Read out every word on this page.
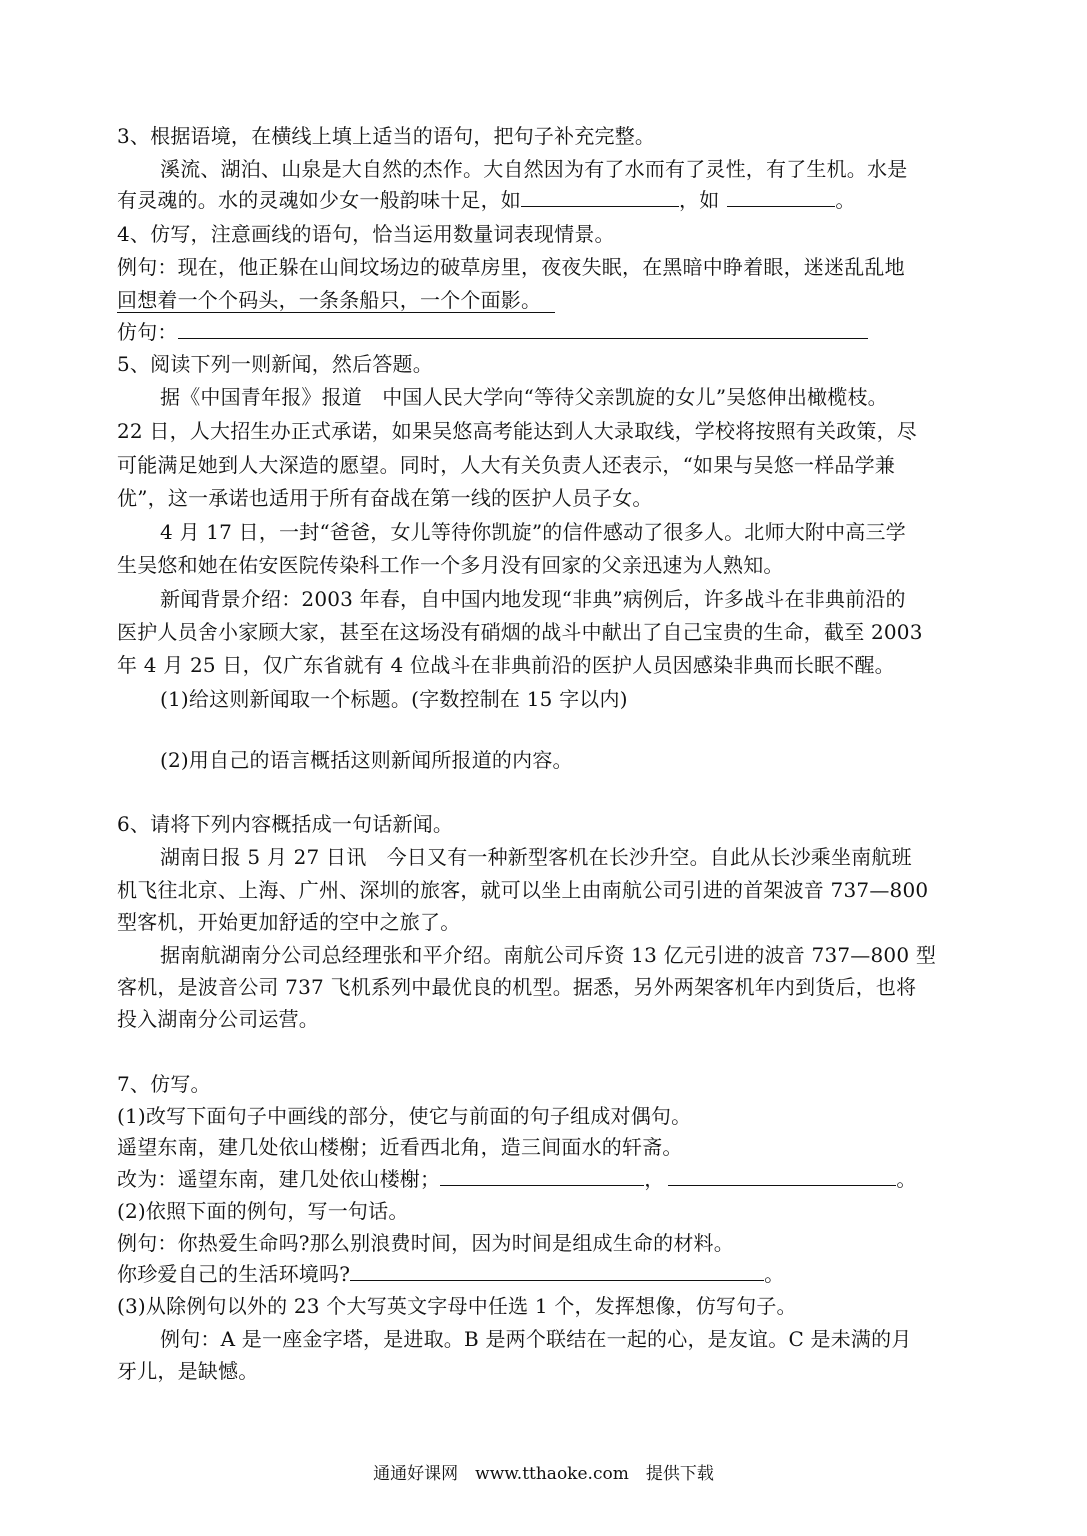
3、根据语境，在横线上填上适当的语句，把句子补充完整。
溪流、湖泊、山泉是大自然的杰作。大自然因为有了水而有了灵性，有了生机。水是
有灵魂的。水的灵魂如少女一般韵味十足，如	，如	。
4、仿写，注意画线的语句，恰当运用数量词表现情景。
例句：现在，他正躲在山间坟场边的破草房里，夜夜失眠，在黑暗中睁着眼，迷迷乱乱地
回想着一个个码头，一条条船只，一个个面影。
仿句：
5、阅读下列一则新闻，然后答题。
据《中国青年报》报道　中国人民大学向“等待父亲凯旋的女儿”吴悠伸出橄榄枝。
22 日，人大招生办正式承诺，如果吴悠高考能达到人大录取线，学校将按照有关政策，尽
可能满足她到人大深造的愿望。同时，人大有关负责人还表示，“如果与吴悠一样品学兼
优”，这一承诺也适用于所有奋战在第一线的医护人员子女。
4 月 17 日，一封“爸爸，女儿等待你凯旋”的信件感动了很多人。北师大附中高三学
生吴悠和她在佑安医院传染科工作一个多月没有回家的父亲迅速为人熟知。
新闻背景介绍：2003 年春，自中国内地发现“非典”病例后，许多战斗在非典前沿的
医护人员舍小家顾大家，甚至在这场没有硝烟的战斗中献出了自己宝贵的生命，截至 2003
年 4 月 25 日，仅广东省就有 4 位战斗在非典前沿的医护人员因感染非典而长眠不醒。
(1)给这则新闻取一个标题。(字数控制在 15 字以内)
(2)用自己的语言概括这则新闻所报道的内容。
6、请将下列内容概括成一句话新闻。
湖南日报 5 月 27 日讯　今日又有一种新型客机在长沙升空。自此从长沙乘坐南航班
机飞往北京、上海、广州、深圳的旅客，就可以坐上由南航公司引进的首架波音 737—800
型客机，开始更加舒适的空中之旅了。
据南航湖南分公司总经理张和平介绍。南航公司斥资 13 亿元引进的波音 737—800 型
客机，是波音公司 737 飞机系列中最优良的机型。据悉，另外两架客机年内到货后，也将
投入湖南分公司运营。
7、仿写。
(1)改写下面句子中画线的部分，使它与前面的句子组成对偶句。
遥望东南，建几处依山楼榭；近看西北角，造三间面水的轩斋。
改为：遥望东南，建几处依山楼榭；	，	。
(2)依照下面的例句，写一句话。
例句：你热爱生命吗?那么别浪费时间，因为时间是组成生命的材料。
你珍爱自己的生活环境吗?	。
(3)从除例句以外的 23 个大写英文字母中任选 1 个，发挥想像，仿写句子。
例句：A 是一座金字塔，是进取。B 是两个联结在一起的心，是友谊。C 是未满的月
牙儿，是缺憾。
通通好课网　www.tthaoke.com　提供下载
